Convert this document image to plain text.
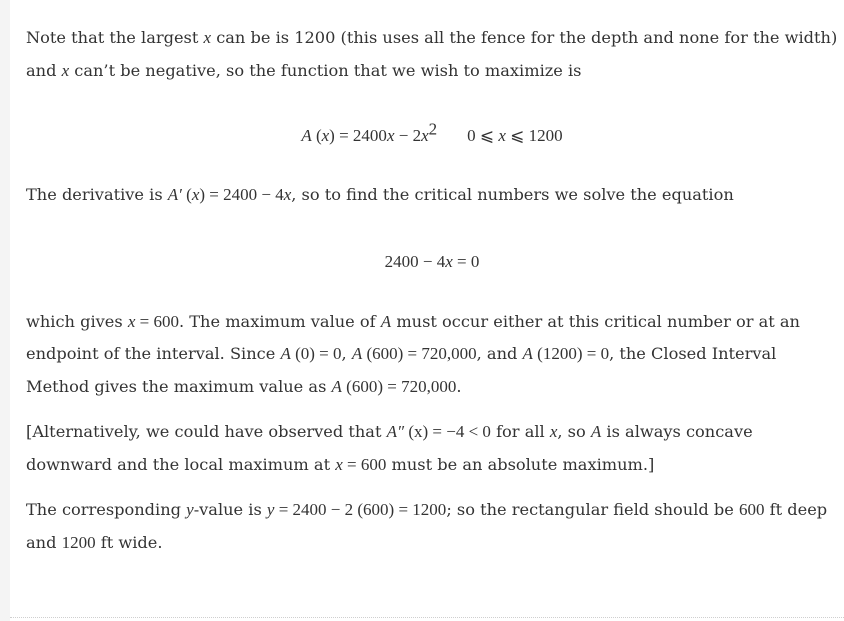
Note that the largest x can be is 1200 (this uses all the fence for the depth and none for the width) and x can’t be negative, so the function that we wish to maximize is

A $(x) = 2400x - 2x^2$ 0 ⩽ x ⩽ 1200

The derivative is A′ (x) = 2400 − 4x, so to find the critical numbers we solve the equation

2400 − 4x = 0

which gives x = 600. The maximum value of A must occur either at this critical number or at an endpoint of the interval. Since A (0) = 0, A (600) = 720,000, and A (1200) = 0, the Closed Interval Method gives the maximum value as A (600) = 720,000.

[Alternatively, we could have observed that A″ (x) = −4 < 0 for all x, so A is always concave downward and the local maximum at x = 600 must be an absolute maximum.]

The corresponding y-value is y = 2400 − 2 (600) = 1200; so the rectangular field should be 600 ft deep and 1200 ft wide.
